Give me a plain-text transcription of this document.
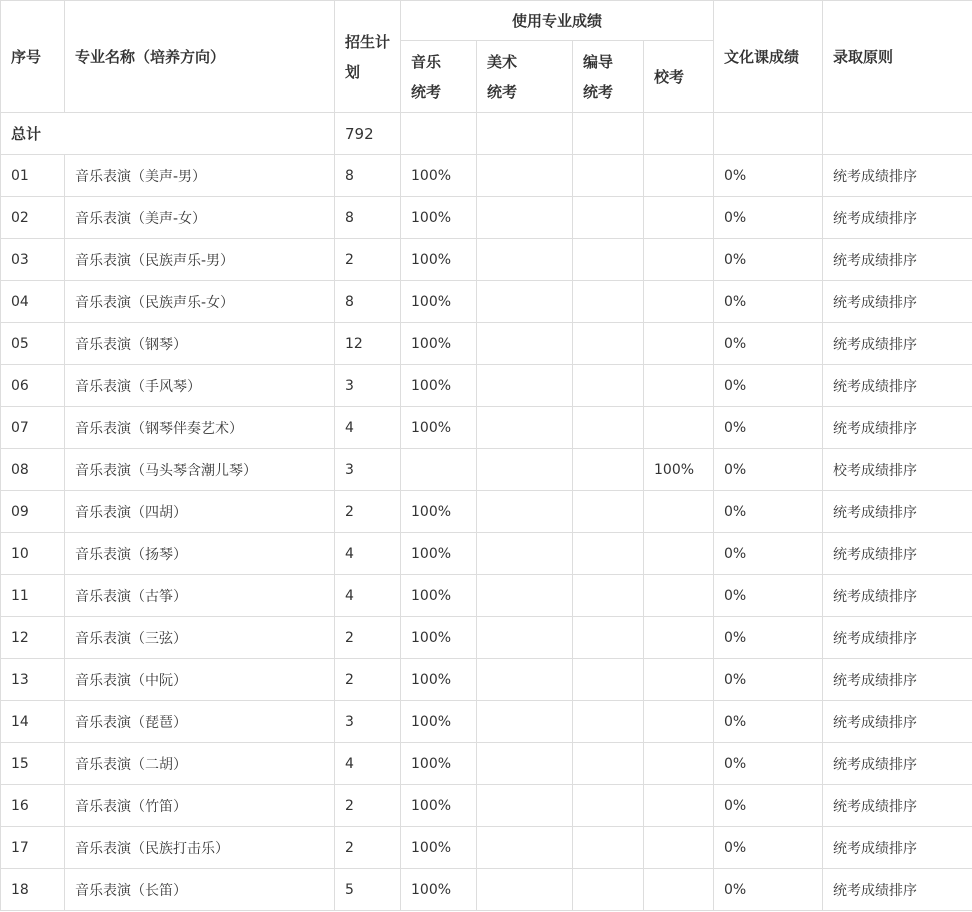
序号	专业名称（培养方向）	招生计划	使用专业成绩				文化课成绩	录取原则
			音乐统考	美术统考	编导统考	校考		
总计		792						
01	音乐表演（美声-男）	8	100%				0%	统考成绩排序
02	音乐表演（美声-女）	8	100%				0%	统考成绩排序
03	音乐表演（民族声乐-男）	2	100%				0%	统考成绩排序
04	音乐表演（民族声乐-女）	8	100%				0%	统考成绩排序
05	音乐表演（钢琴）	12	100%				0%	统考成绩排序
06	音乐表演（手风琴）	3	100%				0%	统考成绩排序
07	音乐表演（钢琴伴奏艺术）	4	100%				0%	统考成绩排序
08	音乐表演（马头琴含潮儿琴）	3				100%	0%	校考成绩排序
09	音乐表演（四胡）	2	100%				0%	统考成绩排序
10	音乐表演（扬琴）	4	100%				0%	统考成绩排序
11	音乐表演（古筝）	4	100%				0%	统考成绩排序
12	音乐表演（三弦）	2	100%				0%	统考成绩排序
13	音乐表演（中阮）	2	100%				0%	统考成绩排序
14	音乐表演（琵琶）	3	100%				0%	统考成绩排序
15	音乐表演（二胡）	4	100%				0%	统考成绩排序
16	音乐表演（竹笛）	2	100%				0%	统考成绩排序
17	音乐表演（民族打击乐）	2	100%				0%	统考成绩排序
18	音乐表演（长笛）	5	100%				0%	统考成绩排序
